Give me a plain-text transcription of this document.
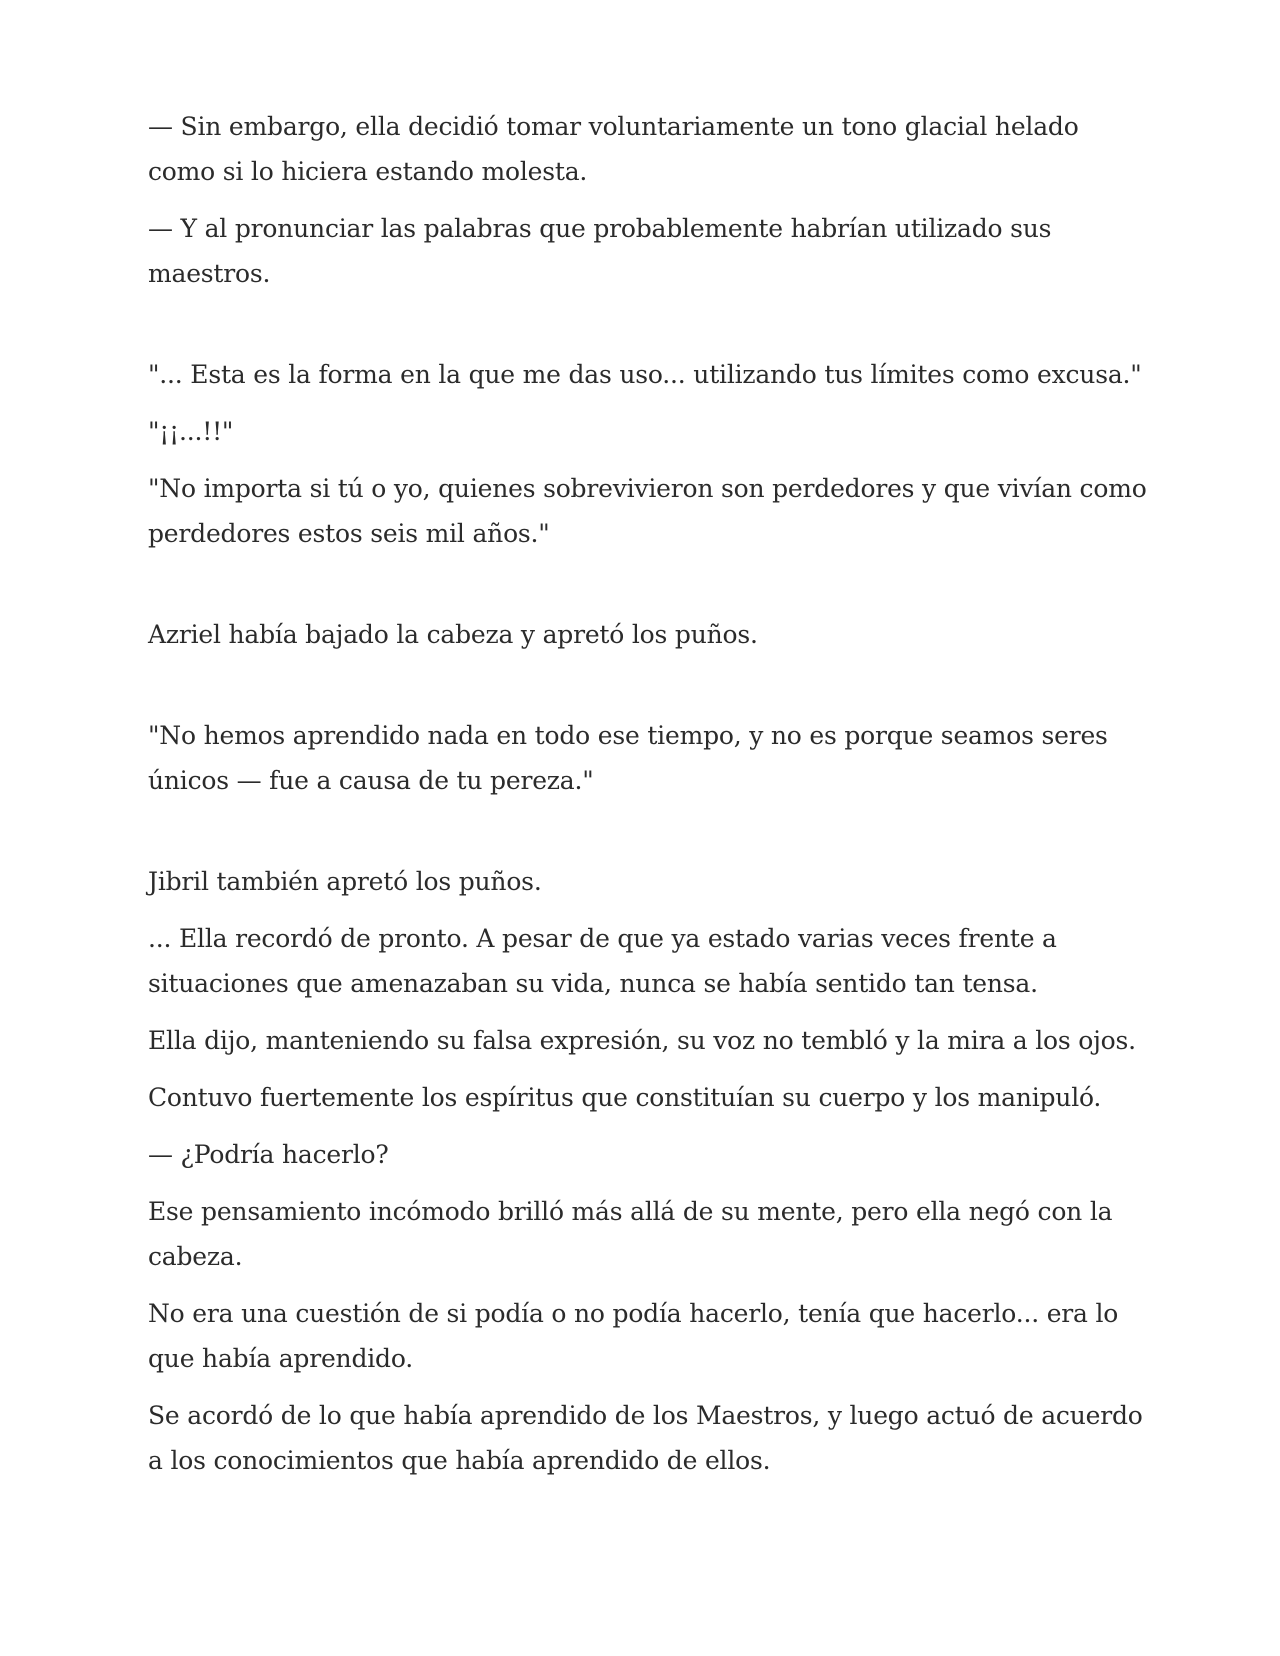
— Sin embargo, ella decidió tomar voluntariamente un tono glacial helado como si lo hiciera estando molesta.

— Y al pronunciar las palabras que probablemente habrían utilizado sus maestros.

"... Esta es la forma en la que me das uso... utilizando tus límites como excusa."

"¡¡...!!"

"No importa si tú o yo, quienes sobrevivieron son perdedores y que vivían como perdedores estos seis mil años."

Azriel había bajado la cabeza y apretó los puños.

"No hemos aprendido nada en todo ese tiempo, y no es porque seamos seres únicos — fue a causa de tu pereza."

Jibril también apretó los puños.

... Ella recordó de pronto. A pesar de que ya estado varias veces frente a situaciones que amenazaban su vida, nunca se había sentido tan tensa.

Ella dijo, manteniendo su falsa expresión, su voz no tembló y la mira a los ojos.

Contuvo fuertemente los espíritus que constituían su cuerpo y los manipuló.

— ¿Podría hacerlo?

Ese pensamiento incómodo brilló más allá de su mente, pero ella negó con la cabeza.

No era una cuestión de si podía o no podía hacerlo, tenía que hacerlo... era lo que había aprendido.

Se acordó de lo que había aprendido de los Maestros, y luego actuó de acuerdo a los conocimientos que había aprendido de ellos.
